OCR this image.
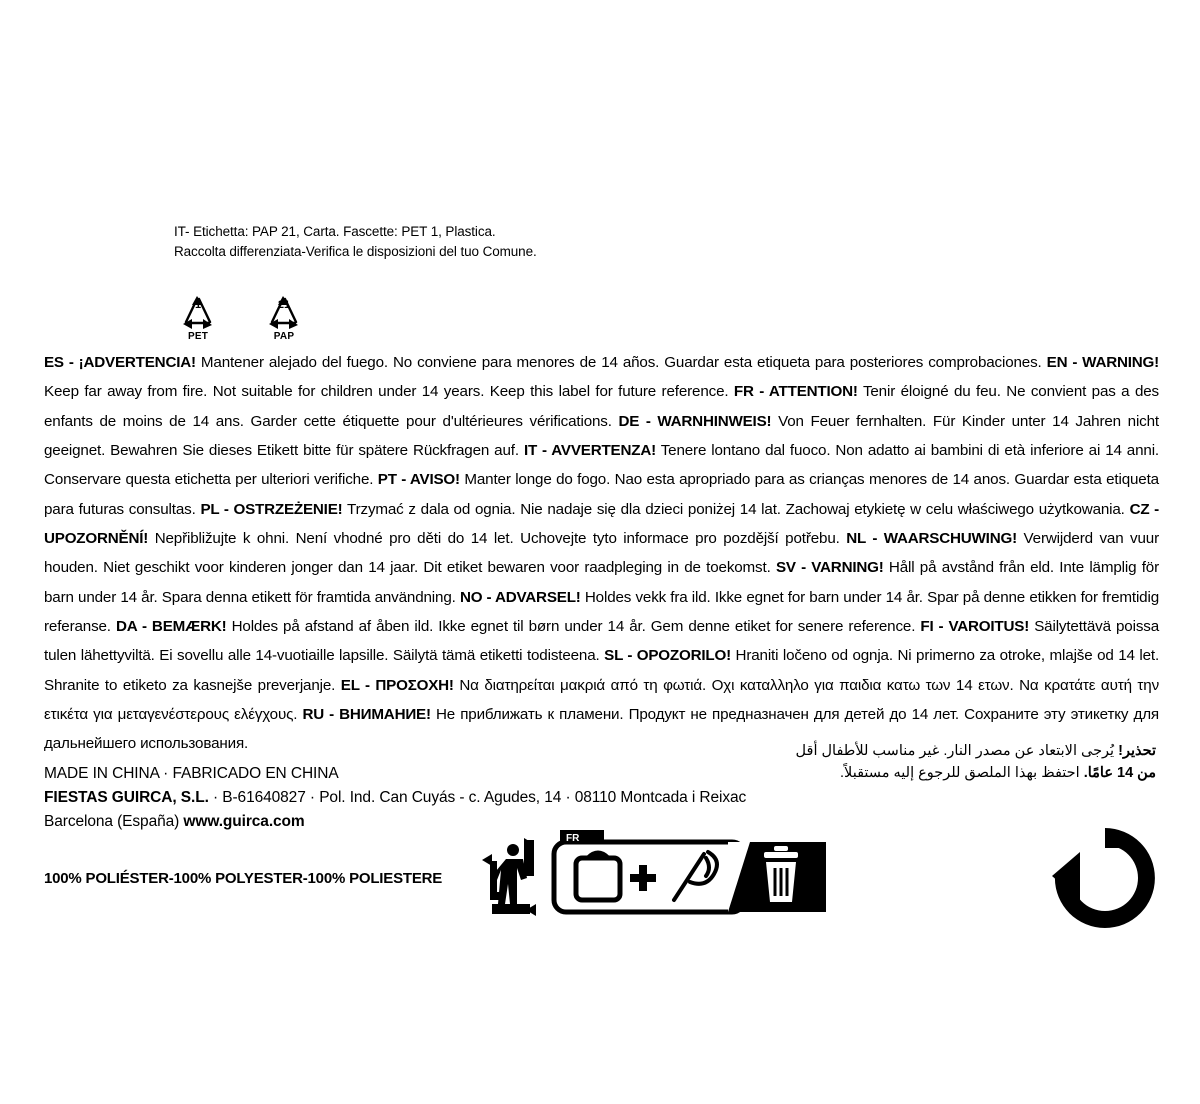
IT- Etichetta: PAP 21, Carta. Fascette: PET 1, Plastica.
Raccolta differenziata-Verifica le disposizioni del tuo Comune.
1
PET
21
PAP
ES - ¡ADVERTENCIA! Mantener alejado del fuego. No conviene para menores de 14 años. Guardar esta etiqueta para posteriores comprobaciones. EN - WARNING! Keep far away from fire. Not suitable for children under 14 years. Keep this label for future reference. FR - ATTENTION! Tenir éloigné du feu. Ne convient pas a des enfants de moins de 14 ans. Garder cette étiquette pour d'ultérieures vérifications. DE - WARNHINWEIS! Von Feuer fernhalten. Für Kinder unter 14 Jahren nicht geeignet. Bewahren Sie dieses Etikett bitte für spätere Rückfragen auf. IT - AVVERTENZA! Tenere lontano dal fuoco. Non adatto ai bambini di età inferiore ai 14 anni. Conservare questa etichetta per ulteriori verifiche. PT - AVISO! Manter longe do fogo. Nao esta apropriado para as crianças menores de 14 anos. Guardar esta etiqueta para futuras consultas. PL - OSTRZEŻENIE! Trzymać z dala od ognia. Nie nadaje się dla dzieci poniżej 14 lat. Zachowaj etykietę w celu właściwego użytkowania. CZ - UPOZORNĚNÍ! Nepřibližujte k ohni. Není vhodné pro děti do 14 let. Uchovejte tyto informace pro pozdější potřebu. NL - WAARSCHUWING! Verwijderd van vuur houden. Niet geschikt voor kinderen jonger dan 14 jaar. Dit etiket bewaren voor raadpleging in de toekomst. SV - VARNING! Håll på avstånd från eld. Inte lämplig för barn under 14 år. Spara denna etikett för framtida användning. NO - ADVARSEL! Holdes vekk fra ild. Ikke egnet for barn under 14 år. Spar på denne etikken for fremtidig referanse. DA - BEMÆRK! Holdes på afstand af åben ild. Ikke egnet til børn under 14 år. Gem denne etiket for senere reference. FI - VAROITUS! Säilytettävä poissa tulen lähettyviltä. Ei sovellu alle 14-vuotiaille lapsille. Säilytä tämä etiketti todisteena. SL - OPOZORILO! Hraniti ločeno od ognja. Ni primerno za otroke, mlajše od 14 let. Shranite to etiketo za kasnejše preverjanje. EL - ΠΡΟΣΟΧΗ! Να διατηρείται μακριά από τη φωτιά. Οχι καταλληλο για παιδια κατω των 14 ετων. Να κρατάτε αυτή την ετικέτα για μεταγενέστερους ελέγχους. RU - ВНИМАНИЕ! Не приближать к пламени. Продукт не предназначен для детей до 14 лет. Сохраните эту этикетку для дальнейшего использования.	تحذير! يُرجى الابتعاد عن مصدر النار. غير مناسب للأطفال أقل
من 14 عامًا. احتفظ بهذا الملصق للرجوع إليه مستقبلاً.
MADE IN CHINA · FABRICADO EN CHINA
FIESTAS GUIRCA, S.L. · B-61640827 · Pol. Ind. Can Cuyás - c. Agudes, 14 · 08110 Montcada i Reixac
Barcelona (España) www.guirca.com
100% POLIÉSTER-100% POLYESTER-100% POLIESTERE
FR
